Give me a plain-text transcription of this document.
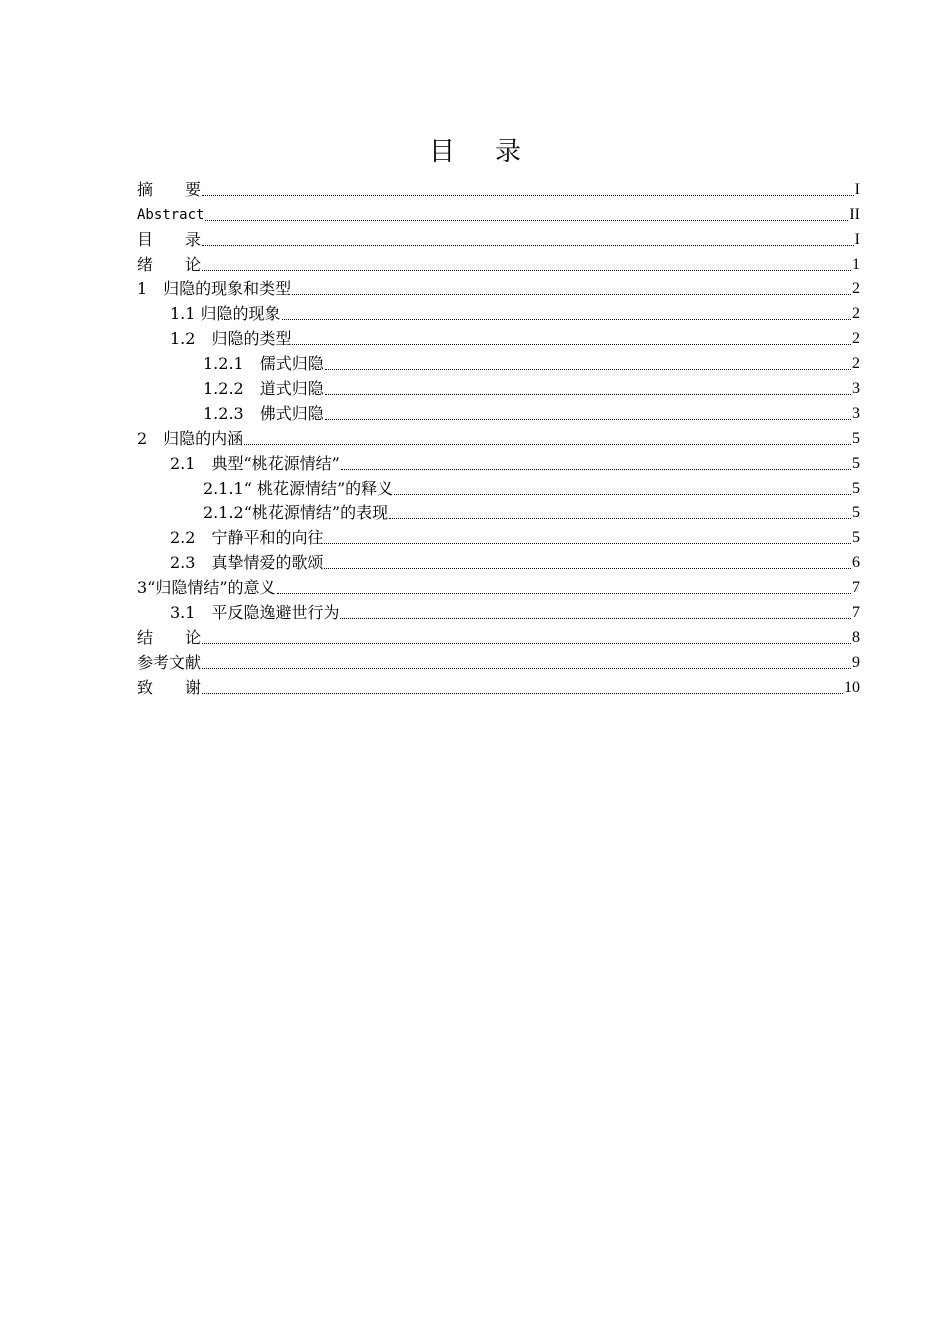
目录
摘　　要	I
Abstract	II
目　　录	I
绪　　论	1
1　归隐的现象和类型	2
1.1 归隐的现象	2
1.2　归隐的类型	2
1.2.1　儒式归隐	2
1.2.2　道式归隐	3
1.2.3　佛式归隐	3
2　归隐的内涵	5
2.1　典型“桃花源情结”	5
2.1.1“ 桃花源情结”的释义	5
2.1.2“桃花源情结”的表现	5
2.2　宁静平和的向往	5
2.3　真挚情爱的歌颂	6
3“归隐情结”的意义	7
3.1　平反隐逸避世行为	7
结　　论	8
参考文献	9
致　　谢	10
